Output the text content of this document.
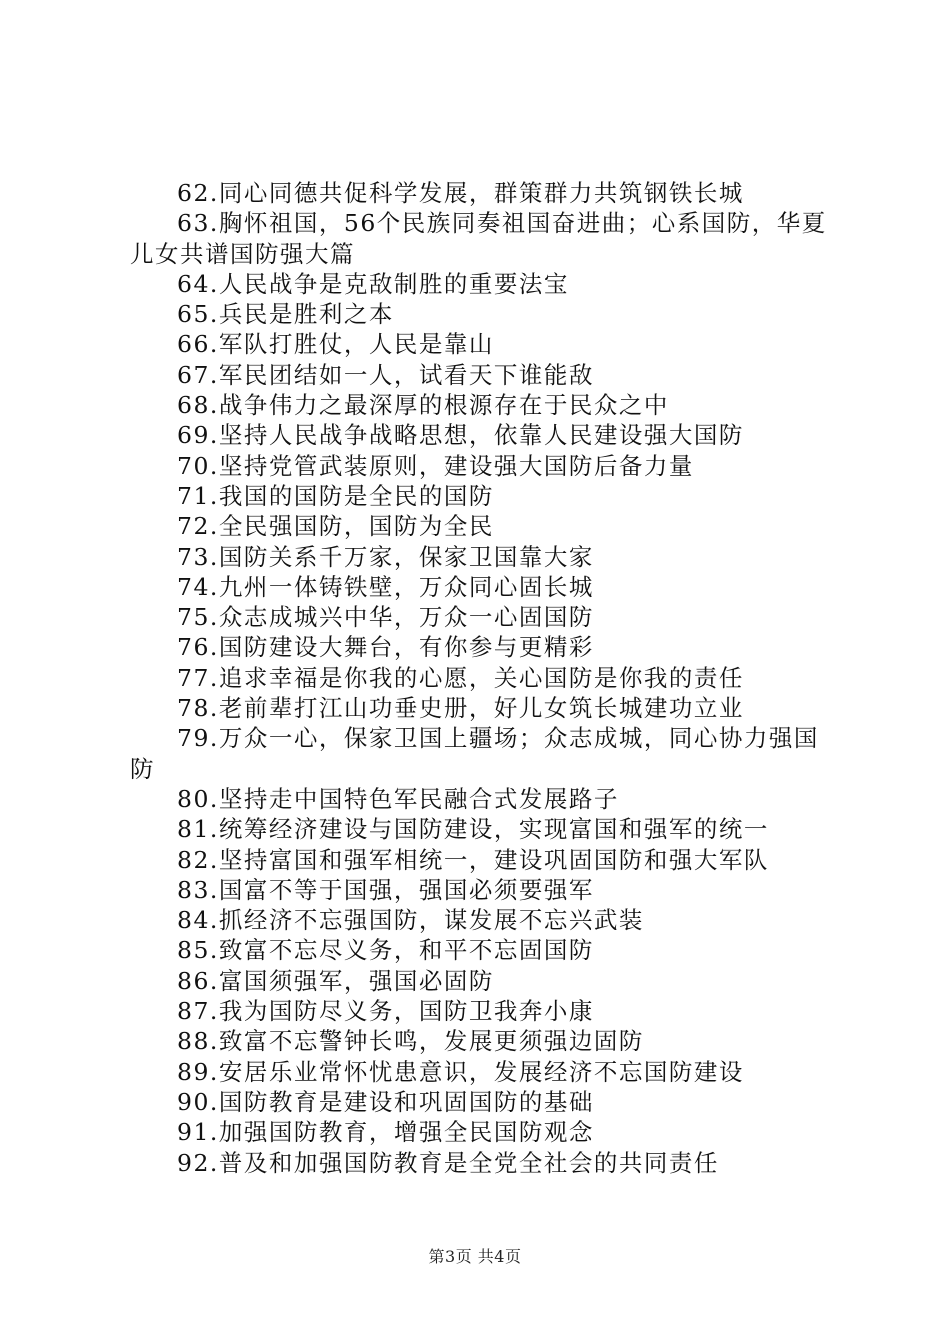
62.同心同德共促科学发展，群策群力共筑钢铁长城

63.胸怀祖国，56个民族同奏祖国奋进曲；心系国防，华夏儿女共谱国防强大篇

64.人民战争是克敌制胜的重要法宝

65.兵民是胜利之本

66.军队打胜仗，人民是靠山

67.军民团结如一人，试看天下谁能敌

68.战争伟力之最深厚的根源存在于民众之中

69.坚持人民战争战略思想，依靠人民建设强大国防

70.坚持党管武装原则，建设强大国防后备力量

71.我国的国防是全民的国防

72.全民强国防，国防为全民

73.国防关系千万家，保家卫国靠大家

74.九州一体铸铁壁，万众同心固长城

75.众志成城兴中华，万众一心固国防

76.国防建设大舞台，有你参与更精彩

77.追求幸福是你我的心愿，关心国防是你我的责任

78.老前辈打江山功垂史册，好儿女筑长城建功立业

79.万众一心，保家卫国上疆场；众志成城，同心协力强国防

80.坚持走中国特色军民融合式发展路子

81.统筹经济建设与国防建设，实现富国和强军的统一

82.坚持富国和强军相统一，建设巩固国防和强大军队

83.国富不等于国强，强国必须要强军

84.抓经济不忘强国防，谋发展不忘兴武装

85.致富不忘尽义务，和平不忘固国防

86.富国须强军，强国必固防

87.我为国防尽义务，国防卫我奔小康

88.致富不忘警钟长鸣，发展更须强边固防

89.安居乐业常怀忧患意识，发展经济不忘国防建设

90.国防教育是建设和巩固国防的基础

91.加强国防教育，增强全民国防观念

92.普及和加强国防教育是全党全社会的共同责任

第3页 共4页
